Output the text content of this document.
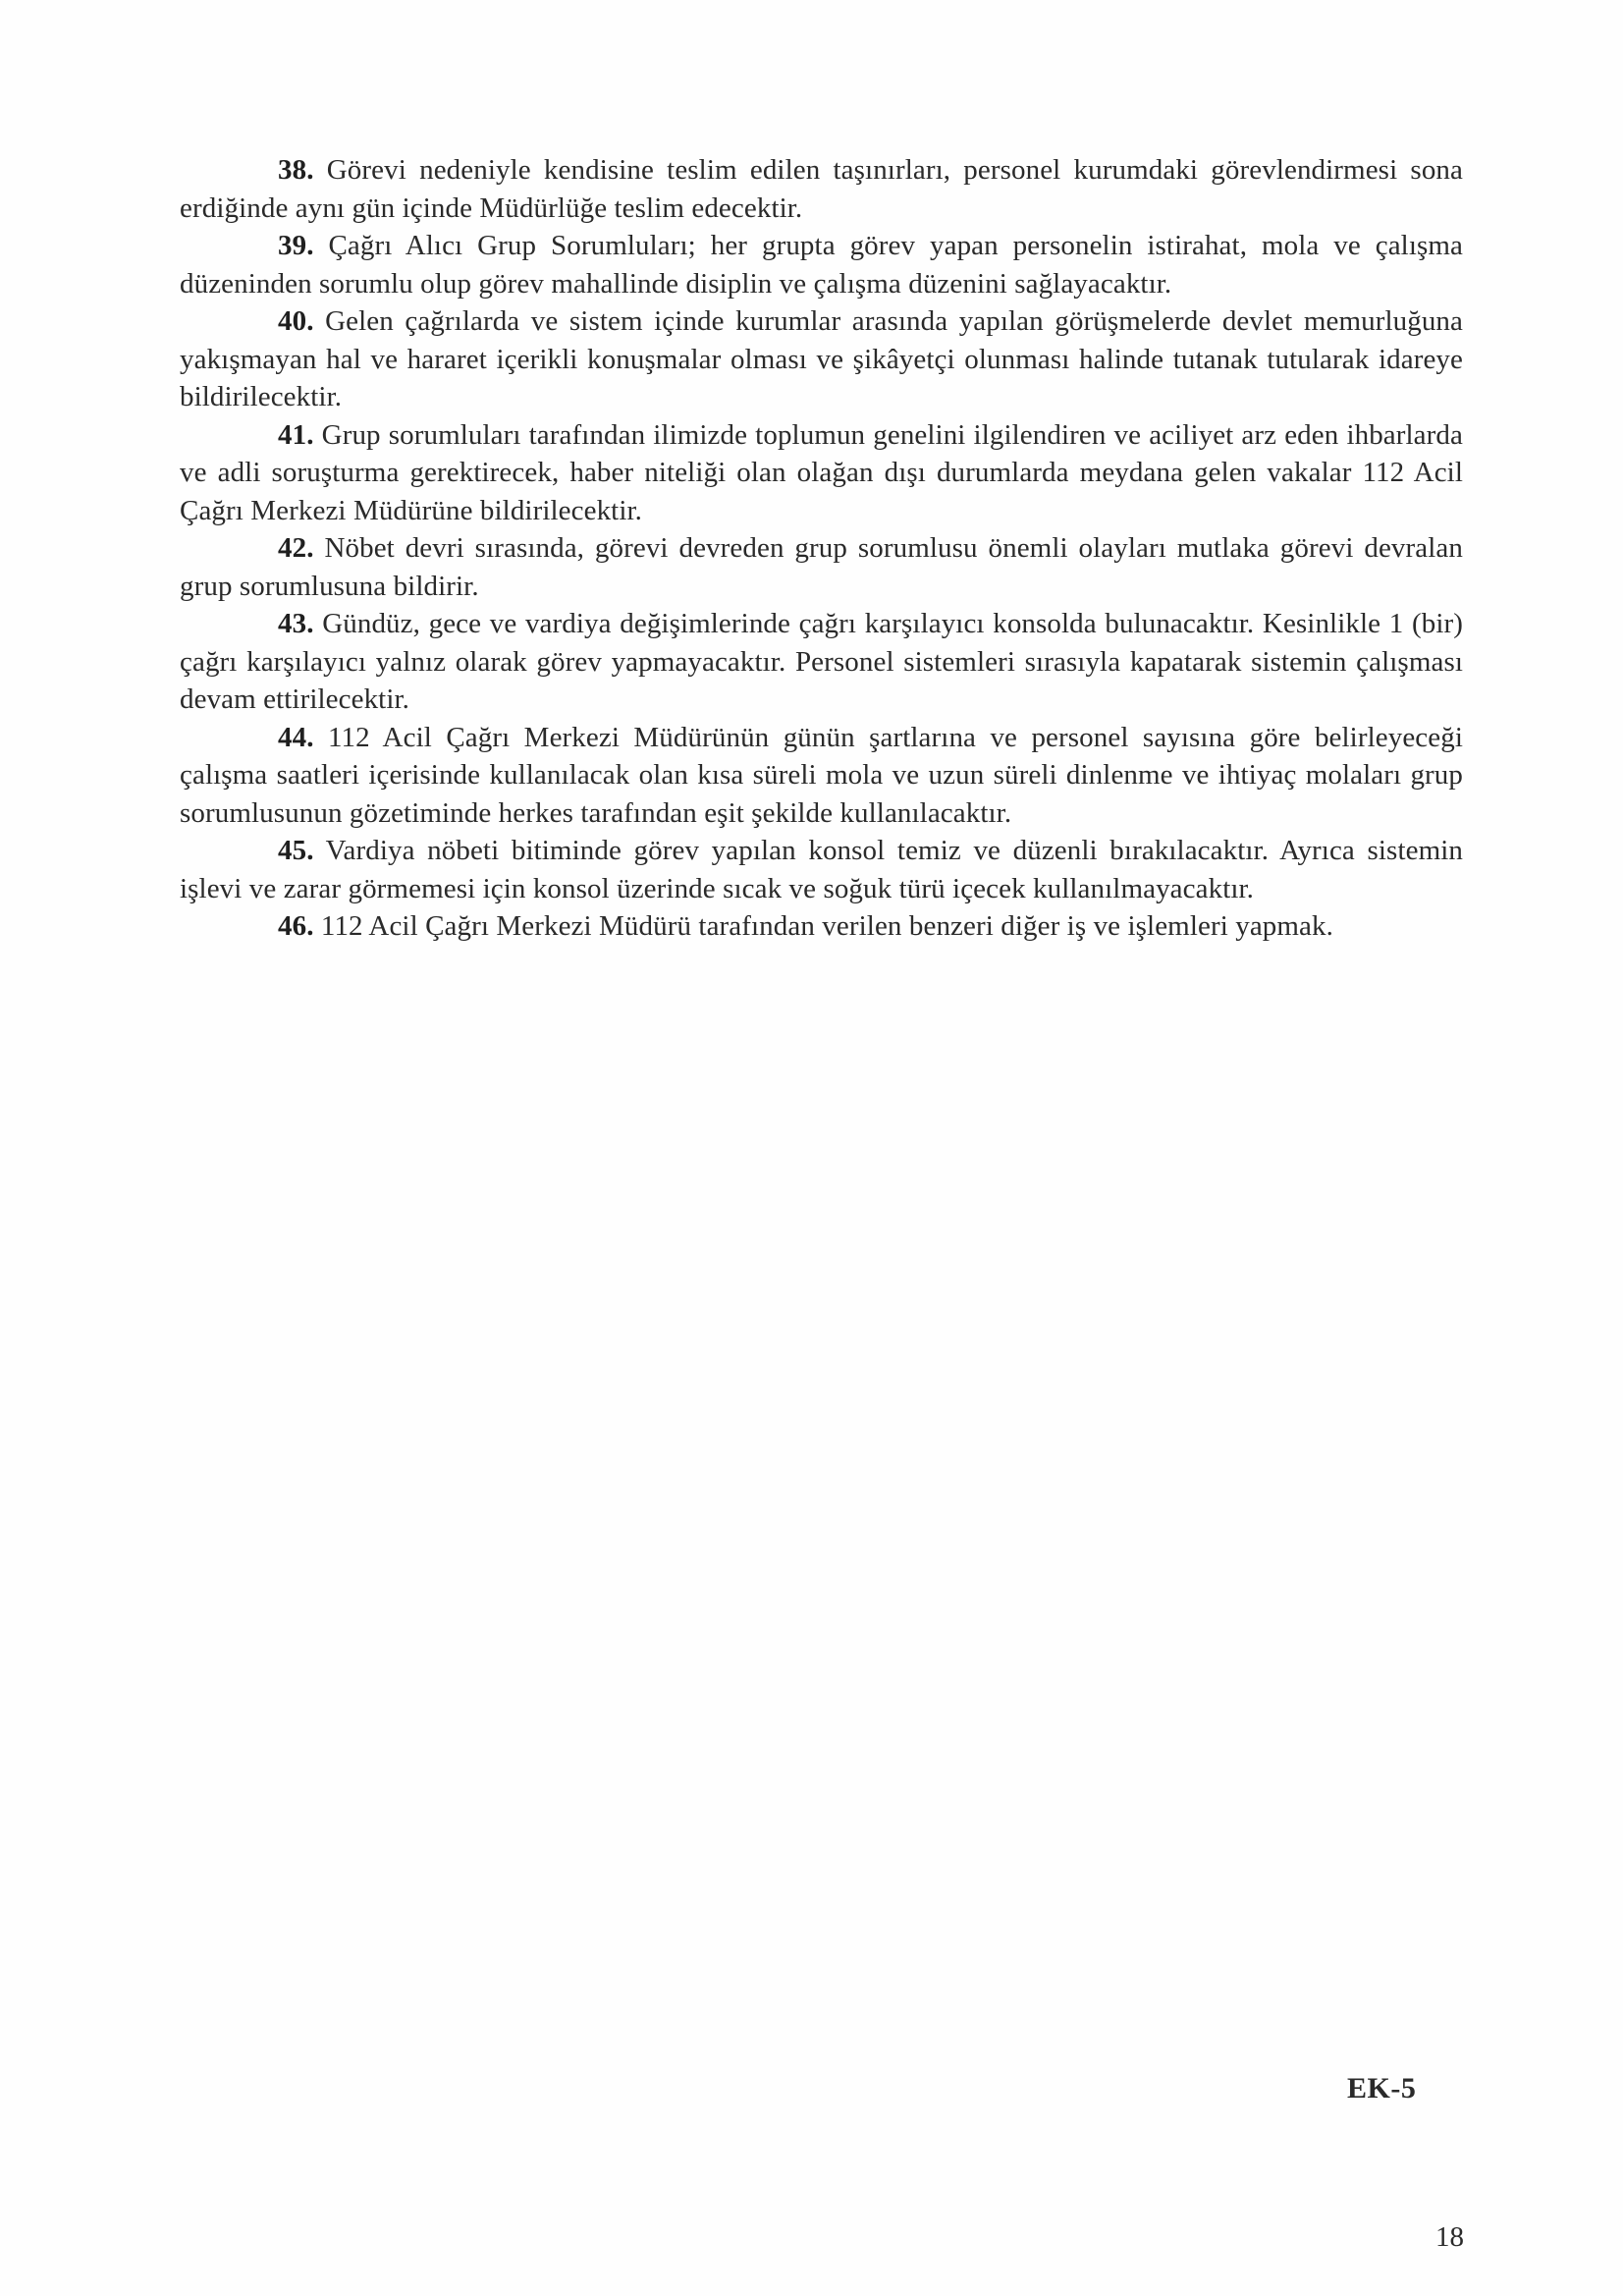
38. Görevi nedeniyle kendisine teslim edilen taşınırları, personel kurumdaki görevlendirmesi sona erdiğinde aynı gün içinde Müdürlüğe teslim edecektir.

39. Çağrı Alıcı Grup Sorumluları; her grupta görev yapan personelin istirahat, mola ve çalışma düzeninden sorumlu olup görev mahallinde disiplin ve çalışma düzenini sağlayacaktır.

40. Gelen çağrılarda ve sistem içinde kurumlar arasında yapılan görüşmelerde devlet memurluğuna yakışmayan hal ve hararet içerikli konuşmalar olması ve şikâyetçi olunması halinde tutanak tutularak idareye bildirilecektir.

41. Grup sorumluları tarafından ilimizde toplumun genelini ilgilendiren ve aciliyet arz eden ihbarlarda ve adli soruşturma gerektirecek, haber niteliği olan olağan dışı durumlarda meydana gelen vakalar 112 Acil Çağrı Merkezi Müdürüne bildirilecektir.

42. Nöbet devri sırasında, görevi devreden grup sorumlusu önemli olayları mutlaka görevi devralan grup sorumlusuna bildirir.

43. Gündüz, gece ve vardiya değişimlerinde çağrı karşılayıcı konsolda bulunacaktır. Kesinlikle 1 (bir) çağrı karşılayıcı yalnız olarak görev yapmayacaktır. Personel sistemleri sırasıyla kapatarak sistemin çalışması devam ettirilecektir.

44. 112 Acil Çağrı Merkezi Müdürünün günün şartlarına ve personel sayısına göre belirleyeceği çalışma saatleri içerisinde kullanılacak olan kısa süreli mola ve uzun süreli dinlenme ve ihtiyaç molaları grup sorumlusunun gözetiminde herkes tarafından eşit şekilde kullanılacaktır.

45. Vardiya nöbeti bitiminde görev yapılan konsol temiz ve düzenli bırakılacaktır. Ayrıca sistemin işlevi ve zarar görmemesi için konsol üzerinde sıcak ve soğuk türü içecek kullanılmayacaktır.

46. 112 Acil Çağrı Merkezi Müdürü tarafından verilen benzeri diğer iş ve işlemleri yapmak.

EK-5
18
